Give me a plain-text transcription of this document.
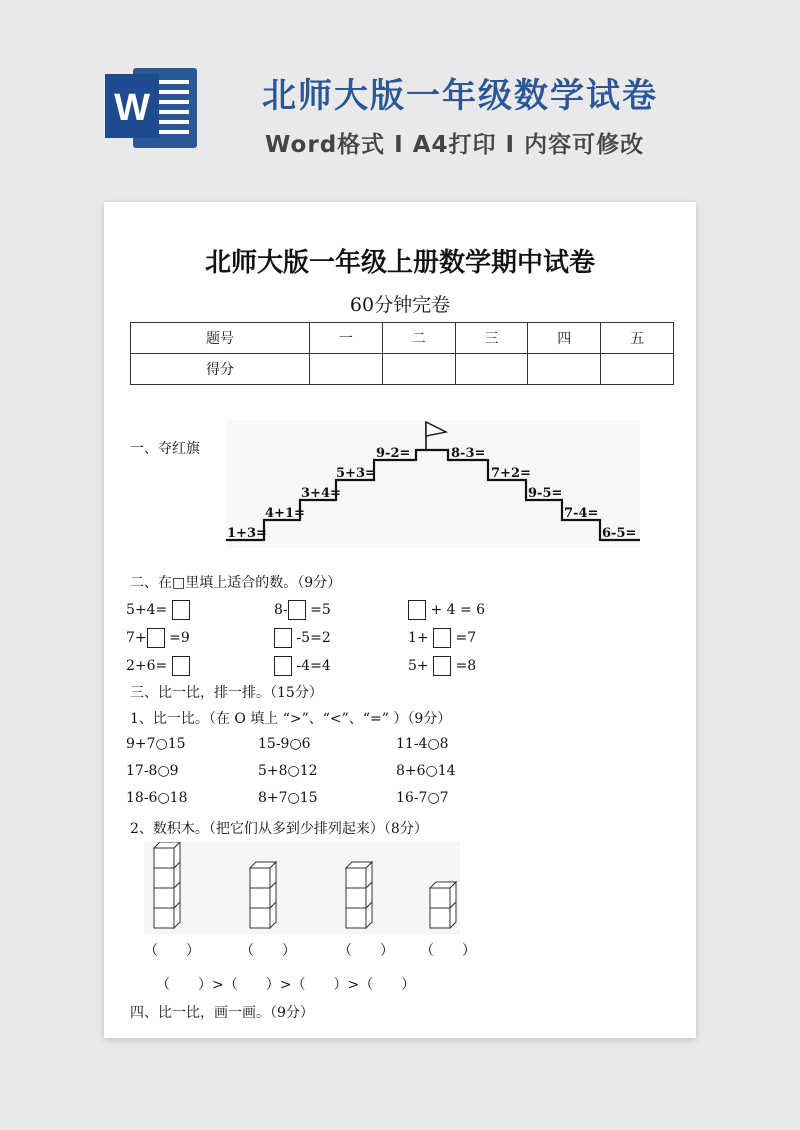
W	北师大版一年级数学试卷
Word格式 I A4打印 I 内容可修改
北师大版一年级上册数学期中试卷
60分钟完卷
题号	一	二	三	四	五
得分					
一、夺红旗
1+3=
4+1=
3+4=
5+3=
9-2=	8-3=
7+2=
9-5=
7-4=
6-5=
二、在□里填上适合的数。（9分）
5+4=	8- =5	+ 4 = 6
7+ =9	-5=2	1+ =7
2+6=	-4=4	5+ =8
三、比一比，排一排。（15分）
1、比一比。（在 O 填上 “>”、“<”、“=” ）（9分）
9+7○15	15-9○6	11-4○8
17-8○9	5+8○12	8+6○14
18-6○18	8+7○15	16-7○7
2、数积木。（把它们从多到少排列起来）（8分）
（　　）	（　　）	（　　） （　　）
（　　）>（　　）>（　　）>（　　）
四、比一比，画一画。（9分）
